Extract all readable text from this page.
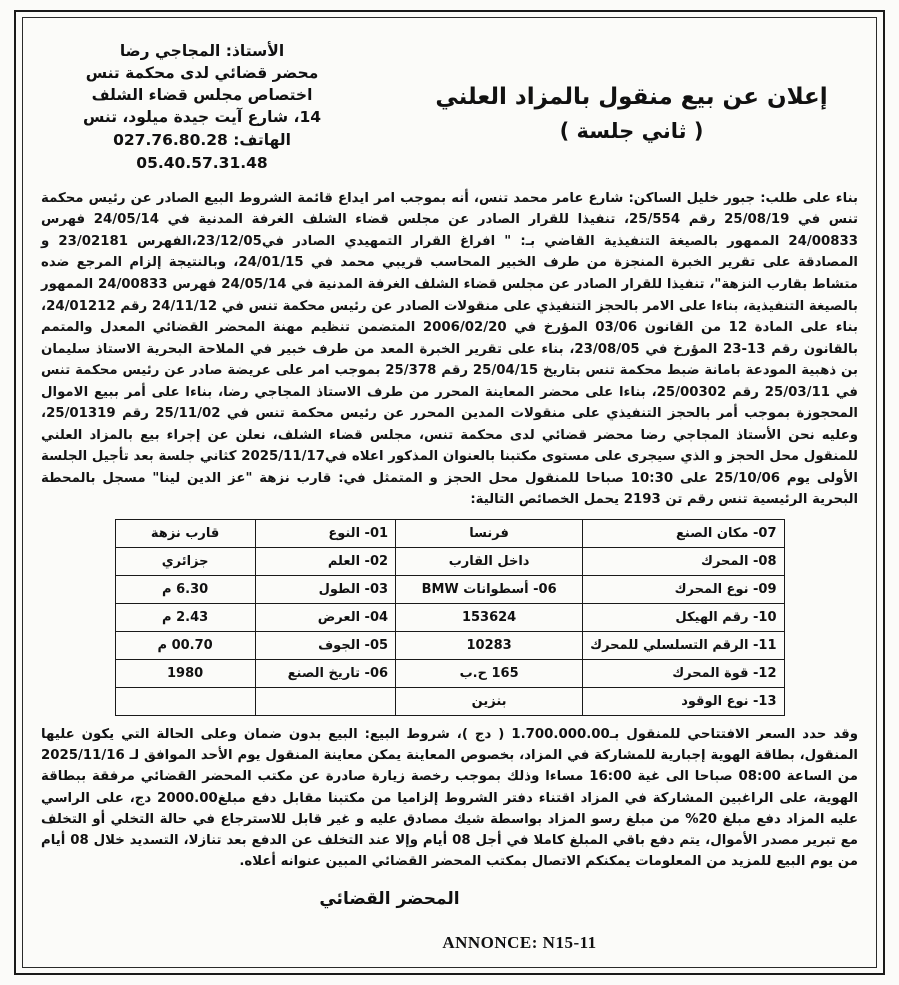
إعلان عن بيع منقول بالمزاد العلني
( ثاني جلسة )
الأستاذ: المجاجي رضا
محضر قضائي لدى محكمة تنس
اختصاص مجلس قضاء الشلف
14، شارع آيت جيدة ميلود، تنس
الهاتف: 027.76.80.28
05.40.57.31.48
بناء على طلب: جبور خليل الساكن: شارع عامر محمد تنس، أنه بموجب امر ايداع قائمة الشروط البيع الصادر عن رئيس محكمة تنس في 25/08/19 رقم 25/554، تنفيذا للقرار الصادر عن مجلس قضاء الشلف الغرفة المدنية في 24/05/14 فهرس 24/00833 الممهور بالصيغة التنفيذية القاضي بـ: " افراغ القرار التمهيدي الصادر في23/12/05،الفهرس 23/02181 و المصادقة على تقرير الخبرة المنجزة من طرف الخبير المحاسب قريبي محمد في 24/01/15، وبالنتيجة إلزام المرجع ضده متشاط بقارب النزهة"، تنفيذا للقرار الصادر عن مجلس قضاء الشلف الغرفة المدنية في 24/05/14 فهرس 24/00833 الممهور بالصيغة التنفيذية، بناءا على الامر بالحجز التنفيذي على منقولات الصادر عن رئيس محكمة تنس في 24/11/12 رقم 24/01212، بناء على المادة 12 من القانون 03/06 المؤرخ في 2006/02/20 المتضمن تنظيم مهنة المحضر القضائي المعدل والمتمم بالقانون رقم 13-23 المؤرخ في 23/08/05، بناء على تقرير الخبرة المعد من طرف خبير في الملاحة البحرية الاستاذ سليمان بن ذهبية المودعة بامانة ضبط محكمة تنس بتاريخ 25/04/15 رقم 25/378 بموجب امر على عريضة صادر عن رئيس محكمة تنس في 25/03/11 رقم 25/00302، بناءا على محضر المعاينة المحرر من طرف الاستاذ المجاجي رضا، بناءا على أمر ببيع الاموال المحجوزة بموجب أمر بالحجز التنفيذي على منقولات المدين المحرر عن رئيس محكمة تنس في 25/11/02 رقم 25/01319، وعليه نحن الأستاذ المجاجي رضا محضر قضائي لدى محكمة تنس، مجلس قضاء الشلف، نعلن عن إجراء بيع بالمزاد العلني للمنقول محل الحجز و الذي سيجرى على مستوى مكتبنا بالعنوان المذكور اعلاه في2025/11/17 كثاني جلسة بعد تأجيل الجلسة الأولى يوم 25/10/06 على 10:30 صباحا للمنقول محل الحجز و المتمثل في: قارب نزهة "عز الدين لينا" مسجل بالمحطة البحرية الرئيسية تنس رقم تن 2193 يحمل الخصائص التالية:
07- مكان الصنع	فرنسا	01- النوع	قارب نزهة
08- المحرك	داخل القارب	02- العلم	جزائري
09- نوع المحرك	06- أسطوانات BMW	03- الطول	6.30 م
10- رقم الهيكل	153624	04- العرض	2.43 م
11- الرقم التسلسلي للمحرك	10283	05- الجوف	00.70 م
12- قوة المحرك	165 ح.ب	06- تاريخ الصنع	1980
13- نوع الوقود	بنزين		
وقد حدد السعر الافتتاحي للمنقول بـ1.700.000.00 ( دج )، شروط البيع: البيع بدون ضمان وعلى الحالة التي يكون عليها المنقول، بطاقة الهوية إجبارية للمشاركة في المزاد، بخصوص المعاينة يمكن معاينة المنقول يوم الأحد الموافق لـ 2025/11/16 من الساعة 08:00 صباحا الى غية 16:00 مساءا وذلك بموجب رخصة زيارة صادرة عن مكتب المحضر القضائي مرفقة ببطاقة الهوية، على الراغبين المشاركة في المزاد اقتناء دفتر الشروط إلزاميا من مكتبنا مقابل دفع مبلغ2000.00 دج، على الراسي عليه المزاد دفع مبلغ 20% من مبلغ رسو المزاد بواسطة شيك مصادق عليه و غير قابل للاسترجاع في حالة التخلي أو التخلف مع تبرير مصدر الأموال، يتم دفع باقي المبلغ كاملا في أجل 08 أيام وإلا عند التخلف عن الدفع بعد تنازلا، التسديد خلال 08 أيام من يوم البيع للمزيد من المعلومات يمكنكم الاتصال بمكتب المحضر القضائي المبين عنوانه أعلاه.
المحضر القضائي
ANNONCE: N15-11
